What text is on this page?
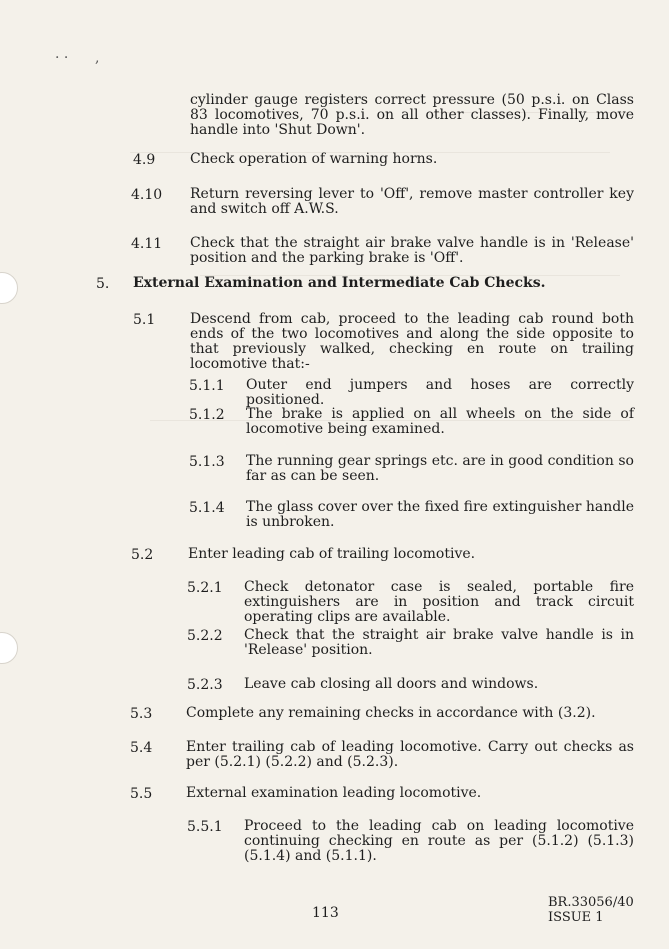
· ·      ,
cylinder gauge registers correct pressure (50 p.s.i. on Class 83 locomotives, 70 p.s.i. on all other classes). Finally, move handle into 'Shut Down'.
4.9 Check operation of warning horns.
4.10 Return reversing lever to 'Off', remove master controller key and switch off A.W.S.
4.11 Check that the straight air brake valve handle is in 'Release' position and the parking brake is 'Off'.
5. External Examination and Intermediate Cab Checks.
5.1 Descend from cab, proceed to the leading cab round both ends of the two locomotives and along the side opposite to that previously walked, checking en route on trailing locomotive that:-
5.1.1 Outer end jumpers and hoses are correctly positioned.
5.1.2 The brake is applied on all wheels on the side of locomotive being examined.
5.1.3 The running gear springs etc. are in good condition so far as can be seen.
5.1.4 The glass cover over the fixed fire extinguisher handle is unbroken.
5.2 Enter leading cab of trailing locomotive.
5.2.1 Check detonator case is sealed, portable fire extinguishers are in position and track circuit operating clips are available.
5.2.2 Check that the straight air brake valve handle is in 'Release' position.
5.2.3 Leave cab closing all doors and windows.
5.3 Complete any remaining checks in accordance with (3.2).
5.4 Enter trailing cab of leading locomotive. Carry out checks as per (5.2.1) (5.2.2) and (5.2.3).
5.5 External examination leading locomotive.
5.5.1 Proceed to the leading cab on leading locomotive continuing checking en route as per (5.1.2) (5.1.3) (5.1.4) and (5.1.1).
113
BR.33056/40
ISSUE 1
